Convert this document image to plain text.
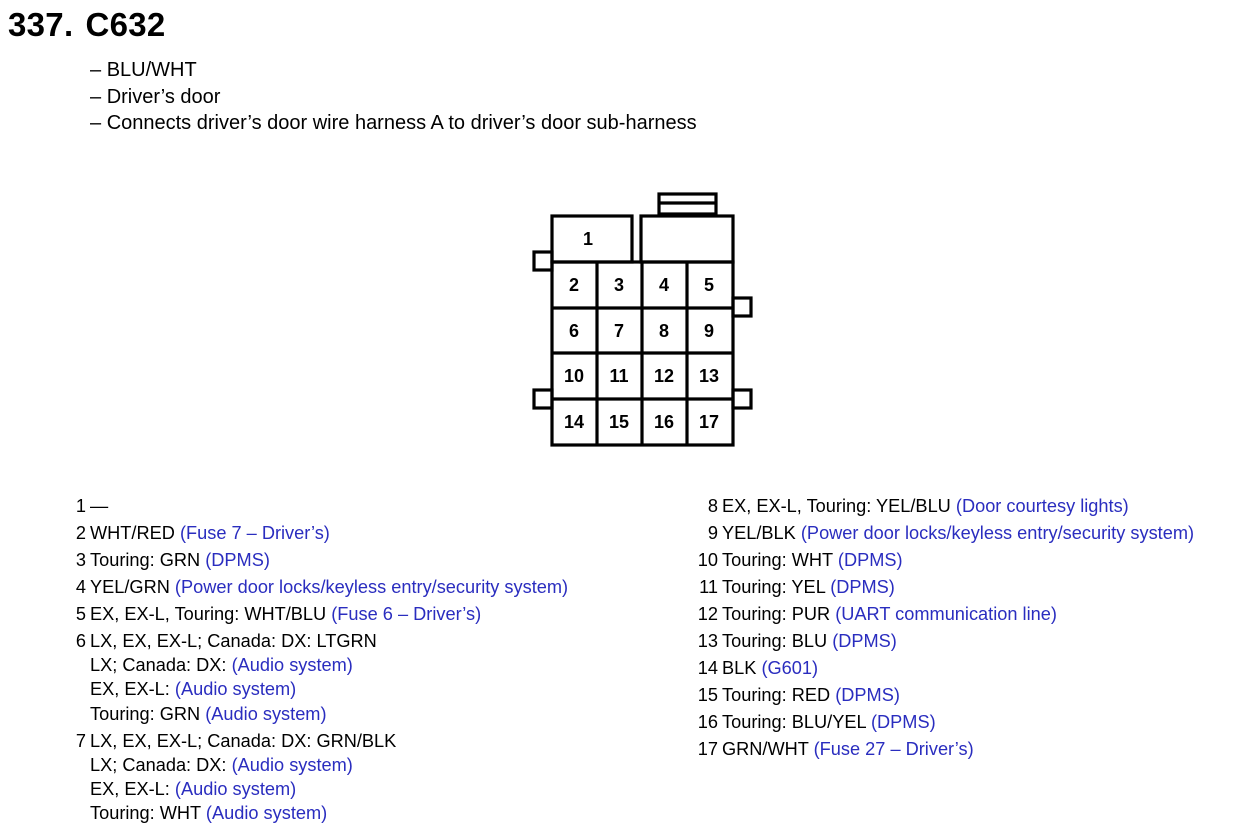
337. C632
– BLU/WHT
– Driver’s door
– Connects driver’s door wire harness A to driver’s door sub-harness
1
2 3 4 5
6 7 8 9
10 11 12 13
14 15 16 17
1 —
2 WHT/RED (Fuse 7 – Driver’s)
3 Touring: GRN (DPMS)
4 YEL/GRN (Power door locks/keyless entry/security system)
5 EX, EX-L, Touring: WHT/BLU (Fuse 6 – Driver’s)
6 LX, EX, EX-L; Canada: DX: LTGRN
LX; Canada: DX: (Audio system)
EX, EX-L: (Audio system)
Touring: GRN (Audio system)
7 LX, EX, EX-L; Canada: DX: GRN/BLK
LX; Canada: DX: (Audio system)
EX, EX-L: (Audio system)
Touring: WHT (Audio system)
8 EX, EX-L, Touring: YEL/BLU (Door courtesy lights)
9 YEL/BLK (Power door locks/keyless entry/security system)
10 Touring: WHT (DPMS)
11 Touring: YEL (DPMS)
12 Touring: PUR (UART communication line)
13 Touring: BLU (DPMS)
14 BLK (G601)
15 Touring: RED (DPMS)
16 Touring: BLU/YEL (DPMS)
17 GRN/WHT (Fuse 27 – Driver’s)
